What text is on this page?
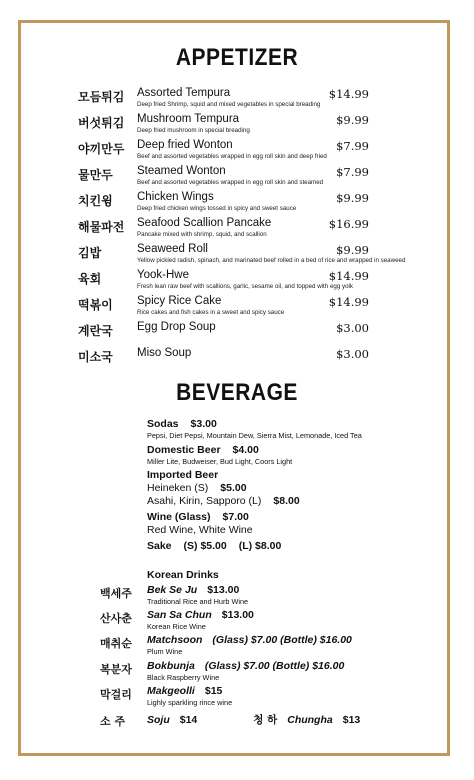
APPETIZER
모듬튀김 Assorted Tempura	$14.99
Deep fried Shrimp, squid and mixed vegetables in special breading
버섯튀김 Mushroom Tempura	$9.99
Deep fried mushroom in special breading
야끼만두 Deep fried Wonton	$7.99
Beef and assorted vegetables wrapped in egg roll skin and deep fried
물만두 Steamed Wonton	$7.99
Beef and assorted vegetables wrapped in egg roll skin and steamed
치킨윙 Chicken Wings	$9.99
Deep fried chicken wings tossed in spicy and sweet sauce
해물파전 Seafood Scallion Pancake	$16.99
Pancake mixed with shrimp, squid, and scallion
김밥	Seaweed Roll	$9.99
Yellow pickled radish, spinach, and marinated beef rolled in a bed of rice and wrapped in seaweed
육회	Yook-Hwe	$14.99
Fresh lean raw beef with scallions, garlic, sesame oil, and topped with egg yolk
떡볶이 Spicy Rice Cake	$14.99
Rice cakes and fish cakes in a sweet and spicy sauce
계란국 Egg Drop Soup	$3.00
미소국 Miso Soup	$3.00
BEVERAGE
Sodas $3.00
Pepsi, Diet Pepsi, Mountain Dew, Sierra Mist, Lemonade, Iced Tea
Domestic Beer $4.00
Miller Lite, Budweiser, Bud Light, Coors Light
Imported Beer
Heineken (S) $5.00
Asahi, Kirin, Sapporo (L) $8.00
Wine (Glass) $7.00
Red Wine, White Wine
Sake (S) $5.00 (L) $8.00
Korean Drinks
백세주 Bek Se Ju $13.00
Traditional Rice and Hurb Wine
산사춘 San Sa Chun $13.00
Korean Rice Wine
매취순 Matchsoon (Glass) $7.00 (Bottle) $16.00
Plum Wine
복분자 Bokbunja (Glass) $7.00 (Bottle) $16.00
Black Raspberry Wine
막걸리 Makgeolli $15
Lighly sparkling rince wine
소 주 Soju $14	청 하 Chungha $13
